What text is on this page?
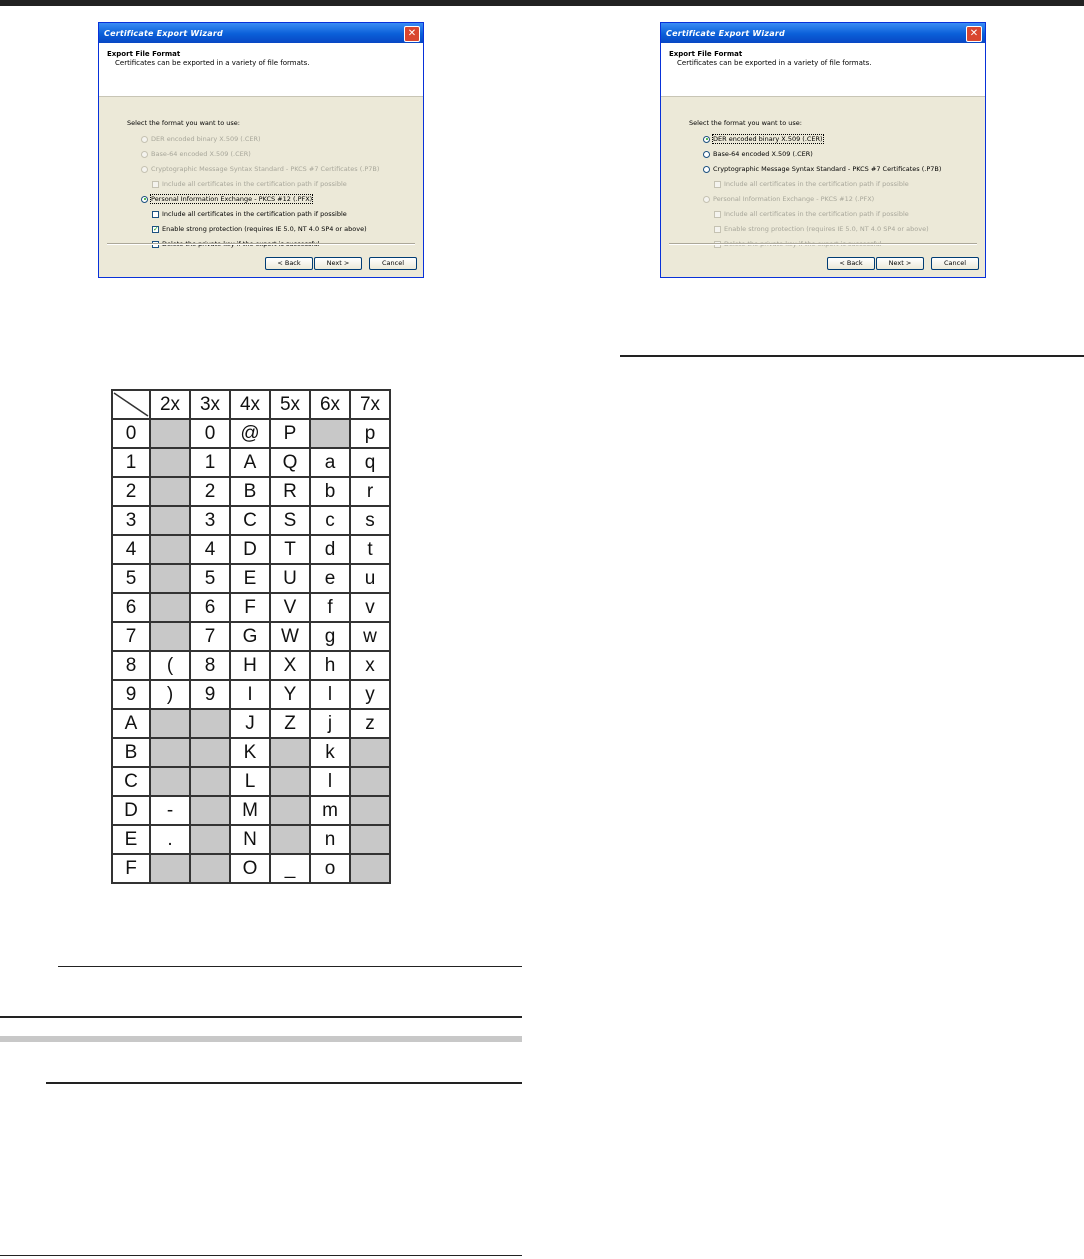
Certificate Export Wizard	✕
Export File Format
Certificates can be exported in a variety of file formats.
Select the format you want to use:
DER encoded binary X.509 (.CER)
Base-64 encoded X.509 (.CER)
Cryptographic Message Syntax Standard - PKCS #7 Certificates (.P7B)
Include all certificates in the certification path if possible
Personal Information Exchange - PKCS #12 (.PFX)
Include all certificates in the certification path if possible
✓ Enable strong protection (requires IE 5.0, NT 4.0 SP4 or above)
Delete the private key if the export is successful
< Back	Next >	Cancel
Certificate Export Wizard	✕
Export File Format
Certificates can be exported in a variety of file formats.
Select the format you want to use:
DER encoded binary X.509 (.CER)
Base-64 encoded X.509 (.CER)
Cryptographic Message Syntax Standard - PKCS #7 Certificates (.P7B)
Include all certificates in the certification path if possible
Personal Information Exchange - PKCS #12 (.PFX)
Include all certificates in the certification path if possible
Enable strong protection (requires IE 5.0, NT 4.0 SP4 or above)
Delete the private key if the export is successful
< Back	Next >	Cancel
	2x	3x	4x	5x	6x	7x
0		0	@	P		p
1		1	A	Q	a	q
2		2	B	R	b	r
3		3	C	S	c	s
4		4	D	T	d	t
5		5	E	U	e	u
6		6	F	V	f	v
7		7	G	W	g	w
8	(	8	H	X	h	x
9	)	9	I	Y	l	y
A			J	Z	j	z
B			K		k	
C			L		l	
D	-		M		m	
E	.		N		n	
F			O	_	o	
